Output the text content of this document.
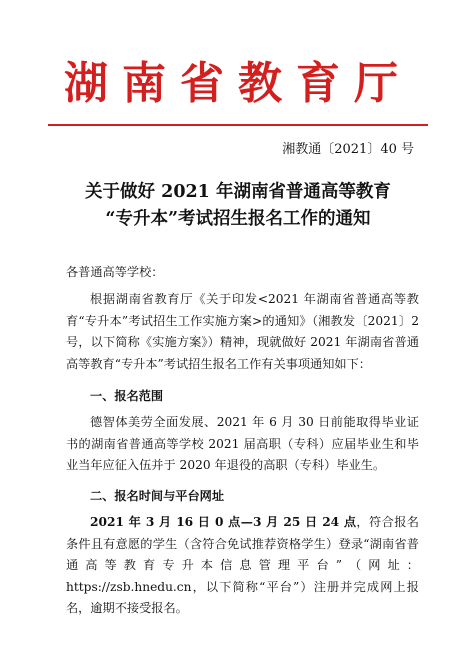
湖南省教育厅
湘教通〔2021〕40 号
关于做好 2021 年湖南省普通高等教育
“专升本”考试招生报名工作的通知

各普通高等学校：

根据湖南省教育厅《关于印发<2021 年湖南省普通高等教育“专升本”考试招生工作实施方案>的通知》（湘教发〔2021〕2 号，以下简称《实施方案》）精神，现就做好 2021 年湖南省普通高等教育“专升本”考试招生报名工作有关事项通知如下：

一、报名范围

德智体美劳全面发展、2021 年 6 月 30 日前能取得毕业证书的湖南省普通高等学校 2021 届高职（专科）应届毕业生和毕业当年应征入伍并于 2020 年退役的高职（专科）毕业生。

二、报名时间与平台网址

2021 年 3 月 16 日 0 点—3 月 25 日 24 点，符合报名条件且有意愿的学生（含符合免试推荐资格学生）登录“湖南省普通高等教育专升本信息管理平台”（网址：https://zsb.hnedu.cn，以下简称“平台”）注册并完成网上报名，逾期不接受报名。
